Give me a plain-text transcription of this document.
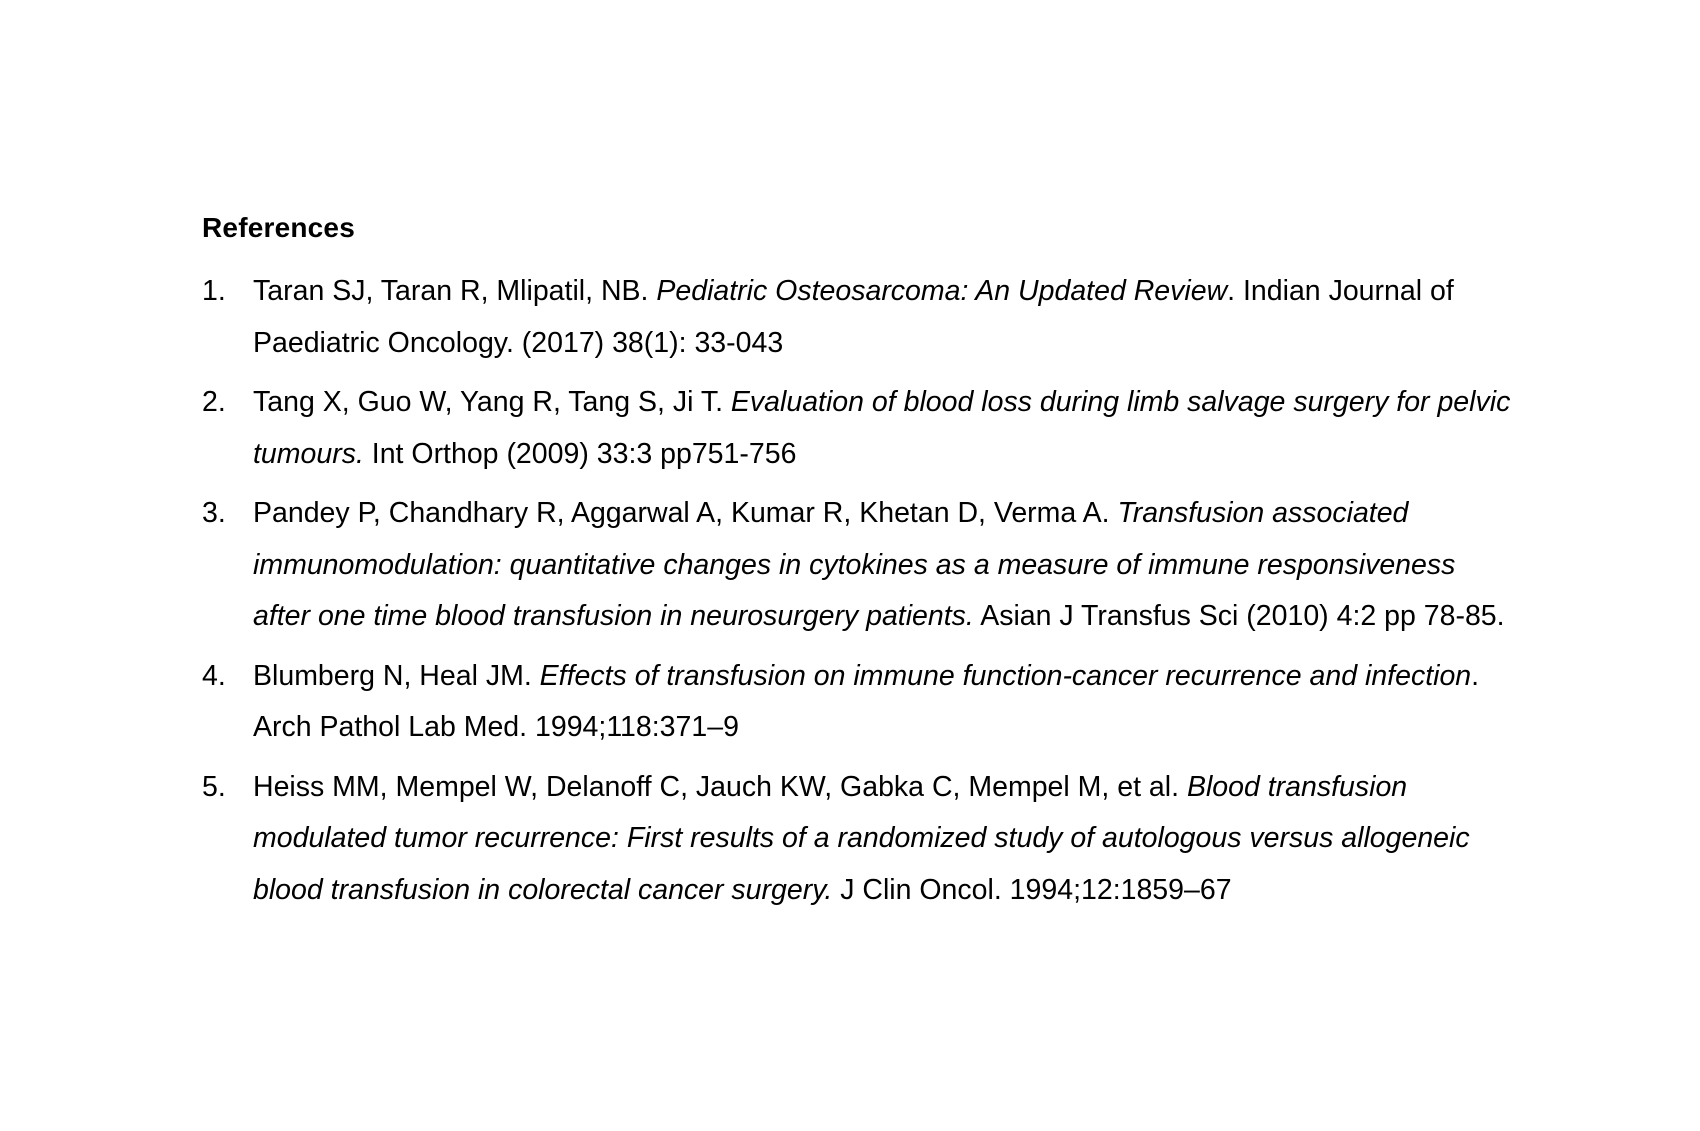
References
1. Taran SJ, Taran R, Mlipatil, NB. Pediatric Osteosarcoma: An Updated Review. Indian Journal of Paediatric Oncology. (2017) 38(1): 33-043
2. Tang X, Guo W, Yang R, Tang S, Ji T. Evaluation of blood loss during limb salvage surgery for pelvic tumours. Int Orthop (2009) 33:3 pp751-756
3. Pandey P, Chandhary R, Aggarwal A, Kumar R, Khetan D, Verma A. Transfusion associated immunomodulation: quantitative changes in cytokines as a measure of immune responsiveness after one time blood transfusion in neurosurgery patients. Asian J Transfus Sci (2010) 4:2 pp 78-85.
4. Blumberg N, Heal JM. Effects of transfusion on immune function-cancer recurrence and infection. Arch Pathol Lab Med. 1994;118:371–9
5. Heiss MM, Mempel W, Delanoff C, Jauch KW, Gabka C, Mempel M, et al. Blood transfusion modulated tumor recurrence: First results of a randomized study of autologous versus allogeneic blood transfusion in colorectal cancer surgery. J Clin Oncol. 1994;12:1859–67
